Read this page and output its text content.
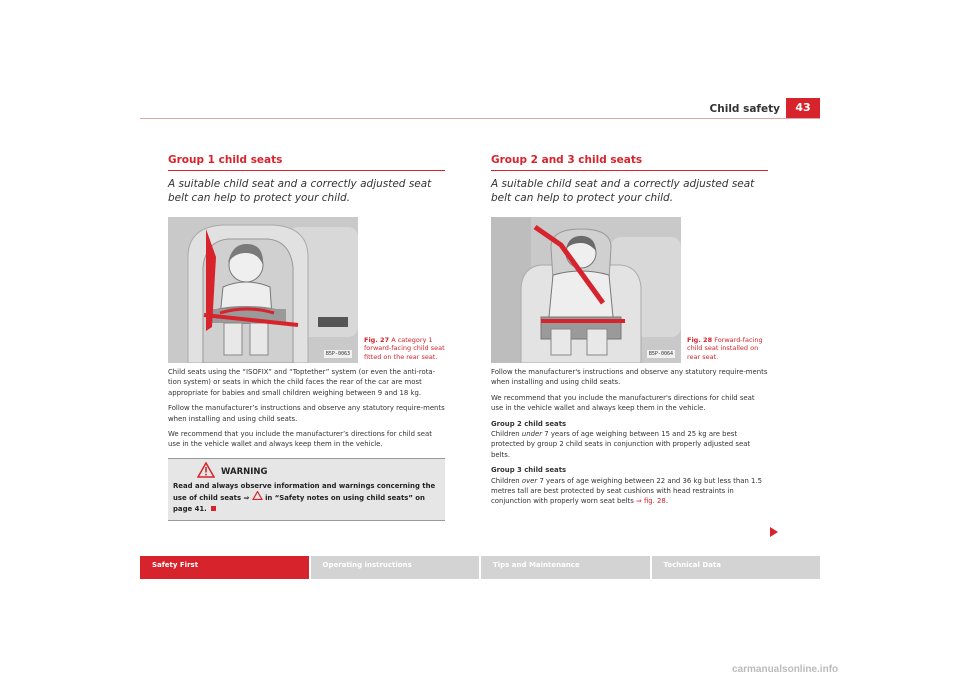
Child safety	43
Group 1 child seats

A suitable child seat and a correctly adjusted seat belt can help to protect your child.

B5P-0063
Fig. 27 A category 1 forward-facing child seat fitted on the rear seat.

Child seats using the “ISOFIX” and “Toptether” system (or even the anti-rota-tion system) or seats in which the child faces the rear of the car are most appropriate for babies and small children weighing between 9 and 18 kg.

Follow the manufacturer’s instructions and observe any statutory require-ments when installing and using child seats.

We recommend that you include the manufacturer’s directions for child seat use in the vehicle wallet and always keep them in the vehicle.

WARNING
Read and always observe information and warnings concerning the use of child seats ⇒  in “Safety notes on using child seats” on page 41.
Group 2 and 3 child seats

A suitable child seat and a correctly adjusted seat belt can help to protect your child.

B5P-0064
Fig. 28 Forward-facing child seat installed on rear seat.

Follow the manufacturer's instructions and observe any statutory require-ments when installing and using child seats.

We recommend that you include the manufacturer's directions for child seat use in the vehicle wallet and always keep them in the vehicle.

Group 2 child seats

Children under 7 years of age weighing between 15 and 25 kg are best protected by group 2 child seats in conjunction with properly adjusted seat belts.

Group 3 child seats

Children over 7 years of age weighing between 22 and 36 kg but less than 1.5 metres tall are best protected by seat cushions with head restraints in conjunction with properly worn seat belts ⇒ fig. 28.

Safety First	Operating instructions	Tips and Maintenance	Technical Data
carmanualsonline.info
